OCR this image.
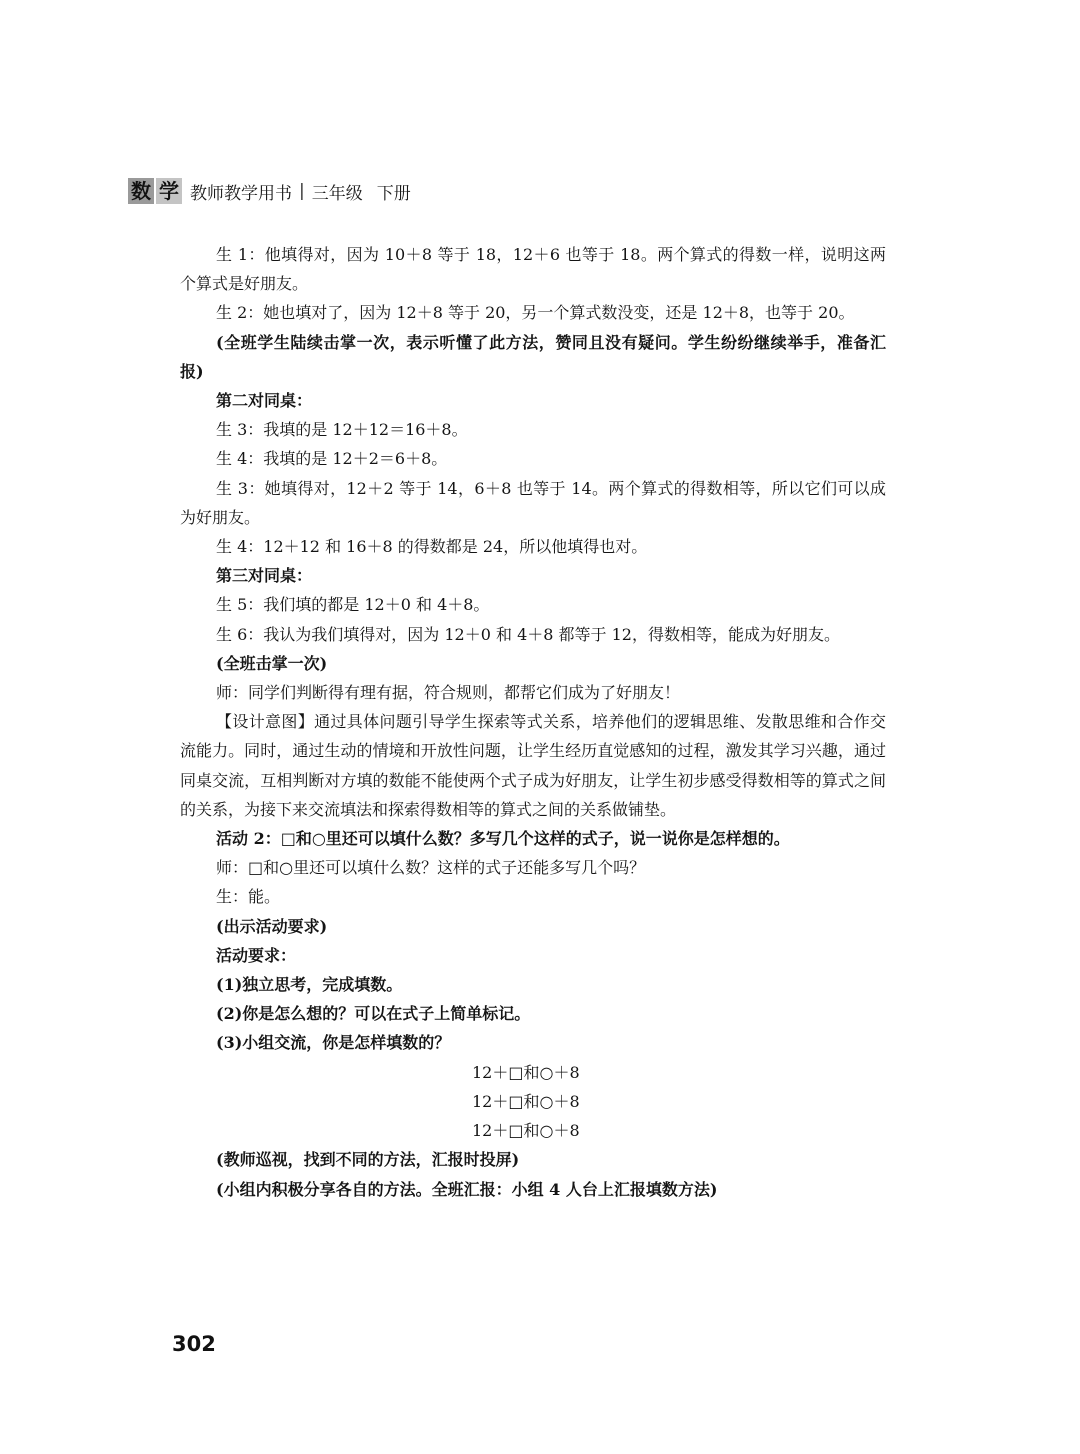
数 学 教师教学用书 | 三年级 下册

生 1：他填得对，因为 10＋8 等于 18，12＋6 也等于 18。两个算式的得数一样，说明这两个算式是好朋友。

生 2：她也填对了，因为 12＋8 等于 20，另一个算式数没变，还是 12＋8，也等于 20。

(全班学生陆续击掌一次，表示听懂了此方法，赞同且没有疑问。学生纷纷继续举手，准备汇报)

第二对同桌：

生 3：我填的是 12＋12＝16＋8。

生 4：我填的是 12＋2＝6＋8。

生 3：她填得对，12＋2 等于 14，6＋8 也等于 14。两个算式的得数相等，所以它们可以成为好朋友。

生 4：12＋12 和 16＋8 的得数都是 24，所以他填得也对。

第三对同桌：

生 5：我们填的都是 12＋0 和 4＋8。

生 6：我认为我们填得对，因为 12＋0 和 4＋8 都等于 12，得数相等，能成为好朋友。

(全班击掌一次)

师：同学们判断得有理有据，符合规则，都帮它们成为了好朋友！

【设计意图】通过具体问题引导学生探索等式关系，培养他们的逻辑思维、发散思维和合作交流能力。同时，通过生动的情境和开放性问题，让学生经历直觉感知的过程，激发其学习兴趣，通过同桌交流，互相判断对方填的数能不能使两个式子成为好朋友，让学生初步感受得数相等的算式之间的关系，为接下来交流填法和探索得数相等的算式之间的关系做铺垫。

活动 2：□和○里还可以填什么数？多写几个这样的式子，说一说你是怎样想的。

师：□和○里还可以填什么数？这样的式子还能多写几个吗？

生：能。

(出示活动要求)

活动要求：

(1)独立思考，完成填数。

(2)你是怎么想的？可以在式子上简单标记。

(3)小组交流，你是怎样填数的？

12＋□和○＋8

12＋□和○＋8

12＋□和○＋8

(教师巡视，找到不同的方法，汇报时投屏)

(小组内积极分享各自的方法。全班汇报：小组 4 人台上汇报填数方法)

302
